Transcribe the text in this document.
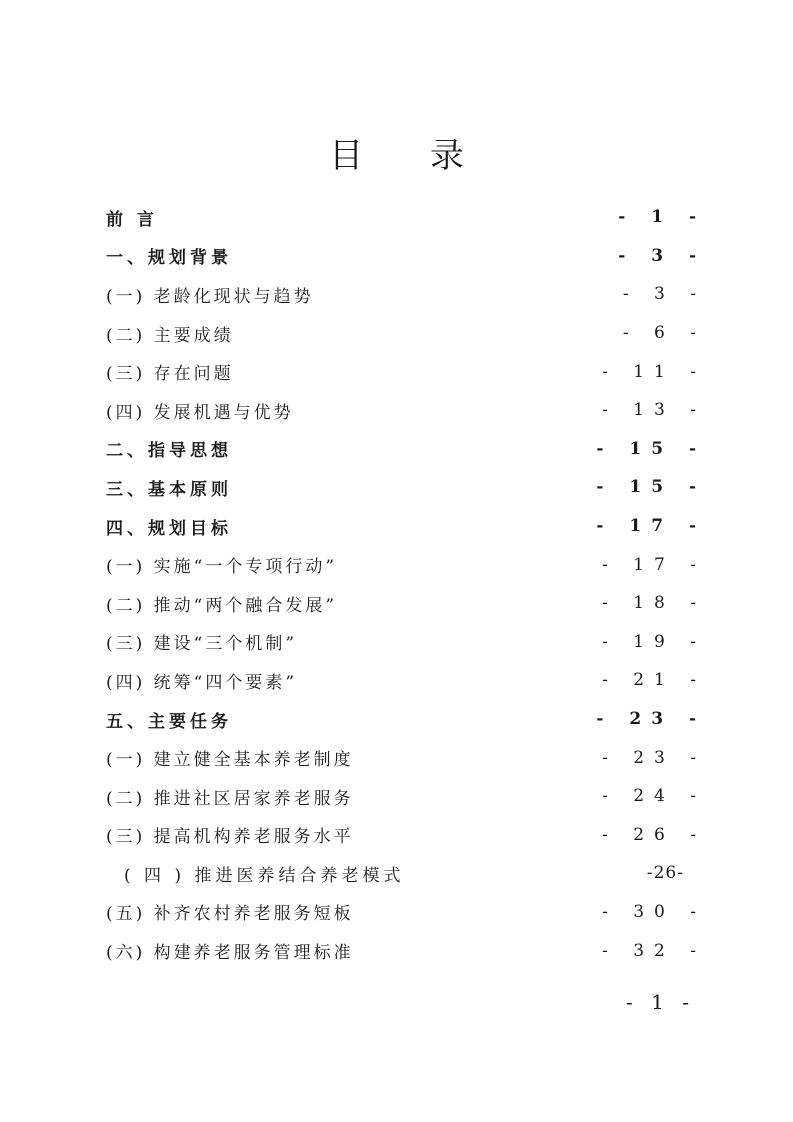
目 录
前 言	- 1 -
一、规划背景	- 3 -
(一) 老龄化现状与趋势	- 3 -
(二) 主要成绩	- 6 -
(三) 存在问题	- 11 -
(四) 发展机遇与优势	- 13 -
二、指导思想	- 15 -
三、基本原则	- 15 -
四、规划目标	- 17 -
(一) 实施“一个专项行动”	- 17 -
(二) 推动“两个融合发展”	- 18 -
(三) 建设“三个机制”	- 19 -
(四) 统筹“四个要素”	- 21 -
五、主要任务	- 23 -
(一) 建立健全基本养老制度	- 23 -
(二) 推进社区居家养老服务	- 24 -
(三) 提高机构养老服务水平	- 26 -
( 四 ) 推进医养结合养老模式	-26-
(五) 补齐农村养老服务短板	- 30 -
(六) 构建养老服务管理标准	- 32 -
- 1 -
